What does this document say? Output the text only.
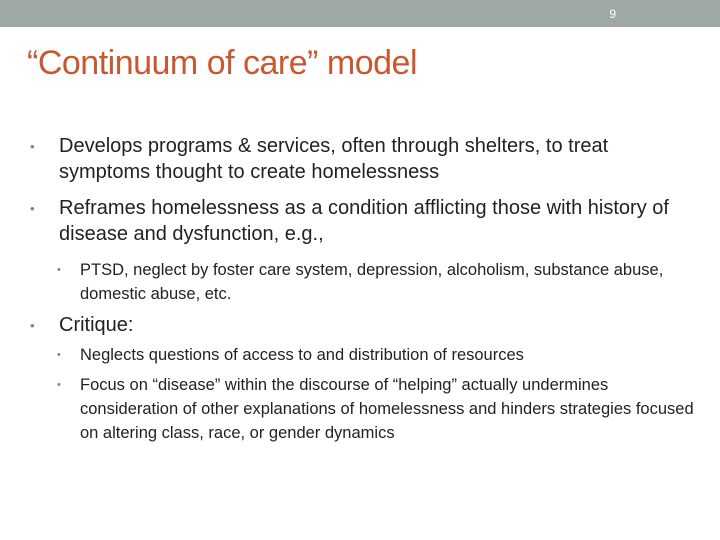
9
“Continuum of care” model
•	Develops programs & services, often through shelters, to treat symptoms thought to create homelessness
•	Reframes homelessness as a condition afflicting those with history of disease and dysfunction, e.g.,
•	PTSD, neglect by foster care system, depression, alcoholism, substance abuse, domestic abuse, etc.
•	Critique:
•	Neglects questions of access to and distribution of resources
•	Focus on “disease” within the discourse of “helping” actually undermines consideration of other explanations of homelessness and hinders strategies focused on altering class, race, or gender dynamics
